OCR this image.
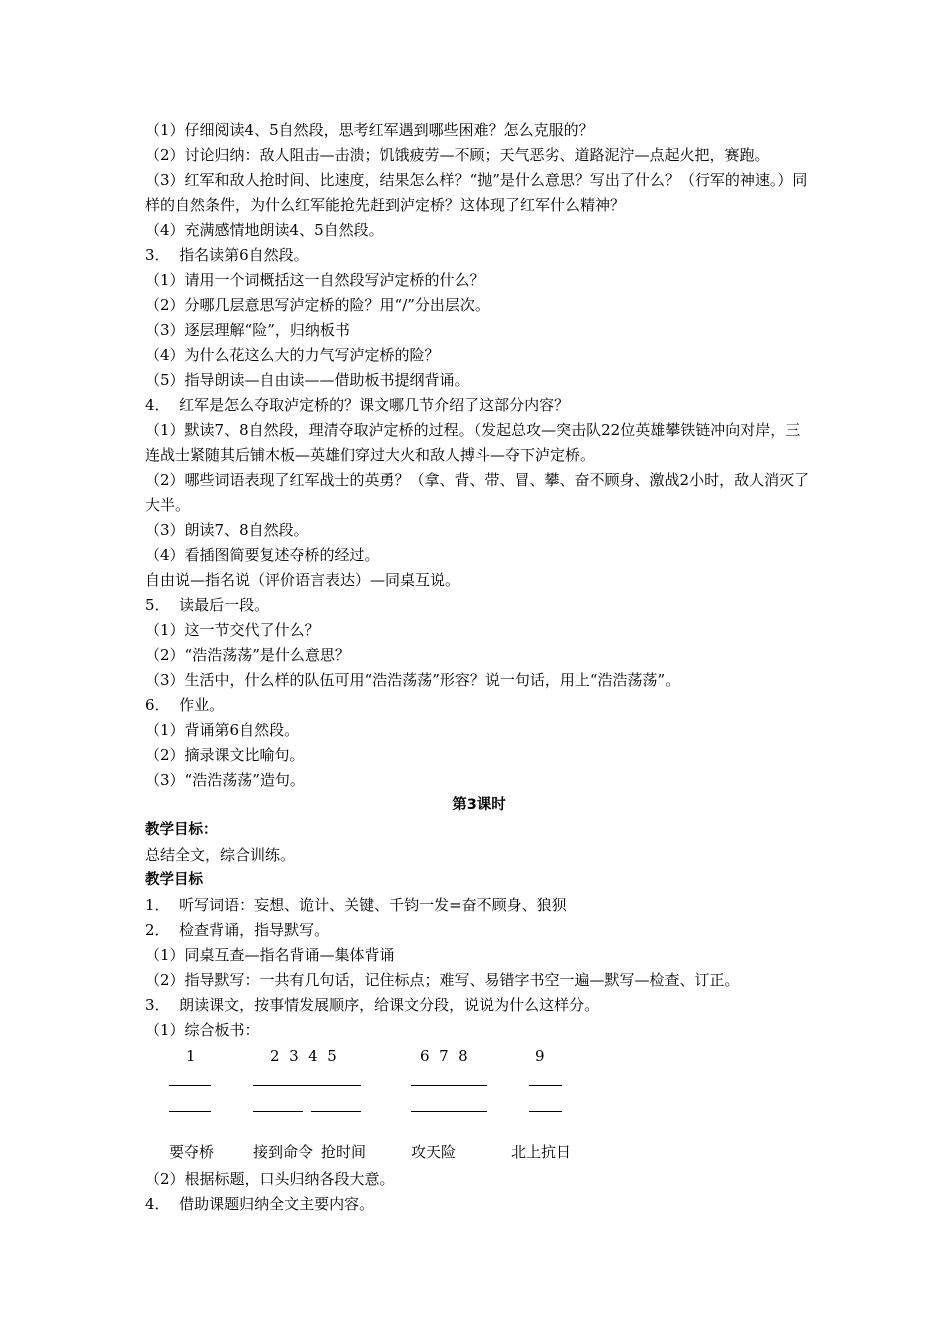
（1）仔细阅读4、5自然段，思考红军遇到哪些困难？怎么克服的？
（2）讨论归纳：敌人阻击—击溃；饥饿疲劳—不顾；天气恶劣、道路泥泞—点起火把，赛跑。
（3）红军和敌人抢时间、比速度，结果怎么样？“抛”是什么意思？写出了什么？（行军的神速。）同样的自然条件，为什么红军能抢先赶到泸定桥？这体现了红军什么精神？
（4）充满感情地朗读4、5自然段。
3．  指名读第6自然段。
（1）请用一个词概括这一自然段写泸定桥的什么？
（2）分哪几层意思写泸定桥的险？用“/”分出层次。
（3）逐层理解“险”，归纳板书
（4）为什么花这么大的力气写泸定桥的险？
（5）指导朗读—自由读——借助板书提纲背诵。
4．  红军是怎么夺取泸定桥的？课文哪几节介绍了这部分内容？
（1）默读7、8自然段，理清夺取泸定桥的过程。（发起总攻—突击队22位英雄攀铁链冲向对岸，三连战士紧随其后铺木板—英雄们穿过大火和敌人搏斗—夺下泸定桥。
（2）哪些词语表现了红军战士的英勇？（拿、背、带、冒、攀、奋不顾身、激战2小时，敌人消灭了大半。
（3）朗读7、8自然段。
（4）看插图简要复述夺桥的经过。
自由说—指名说（评价语言表达）—同桌互说。
5．  读最后一段。
（1）这一节交代了什么？
（2）“浩浩荡荡”是什么意思？
（3）生活中，什么样的队伍可用“浩浩荡荡”形容？说一句话，用上“浩浩荡荡”。
6．  作业。
（1）背诵第6自然段。
（2）摘录课文比喻句。
（3）“浩浩荡荡”造句。
第3课时
教学目标：
总结全文，综合训练。
教学目标
1．  听写词语：妄想、诡计、关键、千钧一发=奋不顾身、狼狈
2．  检查背诵，指导默写。
（1）同桌互查—指名背诵—集体背诵
（2）指导默写：一共有几句话，记住标点；难写、易错字书空一遍—默写—检查、订正。
3．  朗读课文，按事情发展顺序，给课文分段，说说为什么这样分。
（1）综合板书：
1	2  3  4  5	6  7  8	9
要夺桥	接到命令 抢时间	攻天险	北上抗日
（2）根据标题，口头归纳各段大意。
4．  借助课题归纳全文主要内容。
